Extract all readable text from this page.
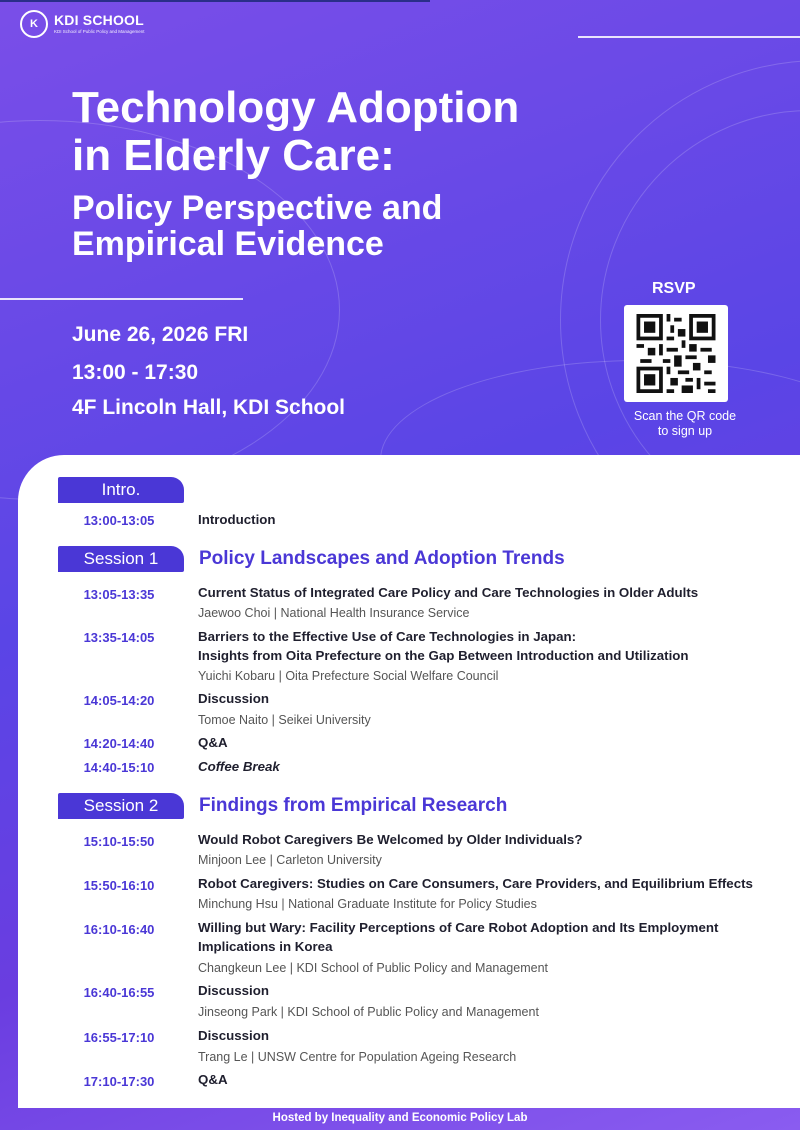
K	KDI SCHOOL
KDI School of Public Policy and Management
Technology Adoption
in Elderly Care:
Policy Perspective and
Empirical Evidence
June 26, 2026 FRI
13:00 - 17:30
4F Lincoln Hall, KDI School
RSVP
Scan the QR code
to sign up
Intro.
13:00-13:05	Introduction
Session 1	Policy Landscapes and Adoption Trends
13:05-13:35	Current Status of Integrated Care Policy and Care Technologies in Older Adults
Jaewoo Choi | National Health Insurance Service
13:35-14:05	Barriers to the Effective Use of Care Technologies in Japan:
Insights from Oita Prefecture on the Gap Between Introduction and Utilization
Yuichi Kobaru | Oita Prefecture Social Welfare Council
14:05-14:20	Discussion
Tomoe Naito | Seikei University
14:20-14:40	Q&A
14:40-15:10	Coffee Break
Session 2	Findings from Empirical Research
15:10-15:50	Would Robot Caregivers Be Welcomed by Older Individuals?
Minjoon Lee | Carleton University
15:50-16:10	Robot Caregivers: Studies on Care Consumers, Care Providers, and Equilibrium Effects
Minchung Hsu | National Graduate Institute for Policy Studies
16:10-16:40	Willing but Wary: Facility Perceptions of Care Robot Adoption and Its Employment
Implications in Korea
Changkeun Lee | KDI School of Public Policy and Management
16:40-16:55	Discussion
Jinseong Park | KDI School of Public Policy and Management
16:55-17:10	Discussion
Trang Le | UNSW Centre for Population Ageing Research
17:10-17:30	Q&A
Hosted by Inequality and Economic Policy Lab
